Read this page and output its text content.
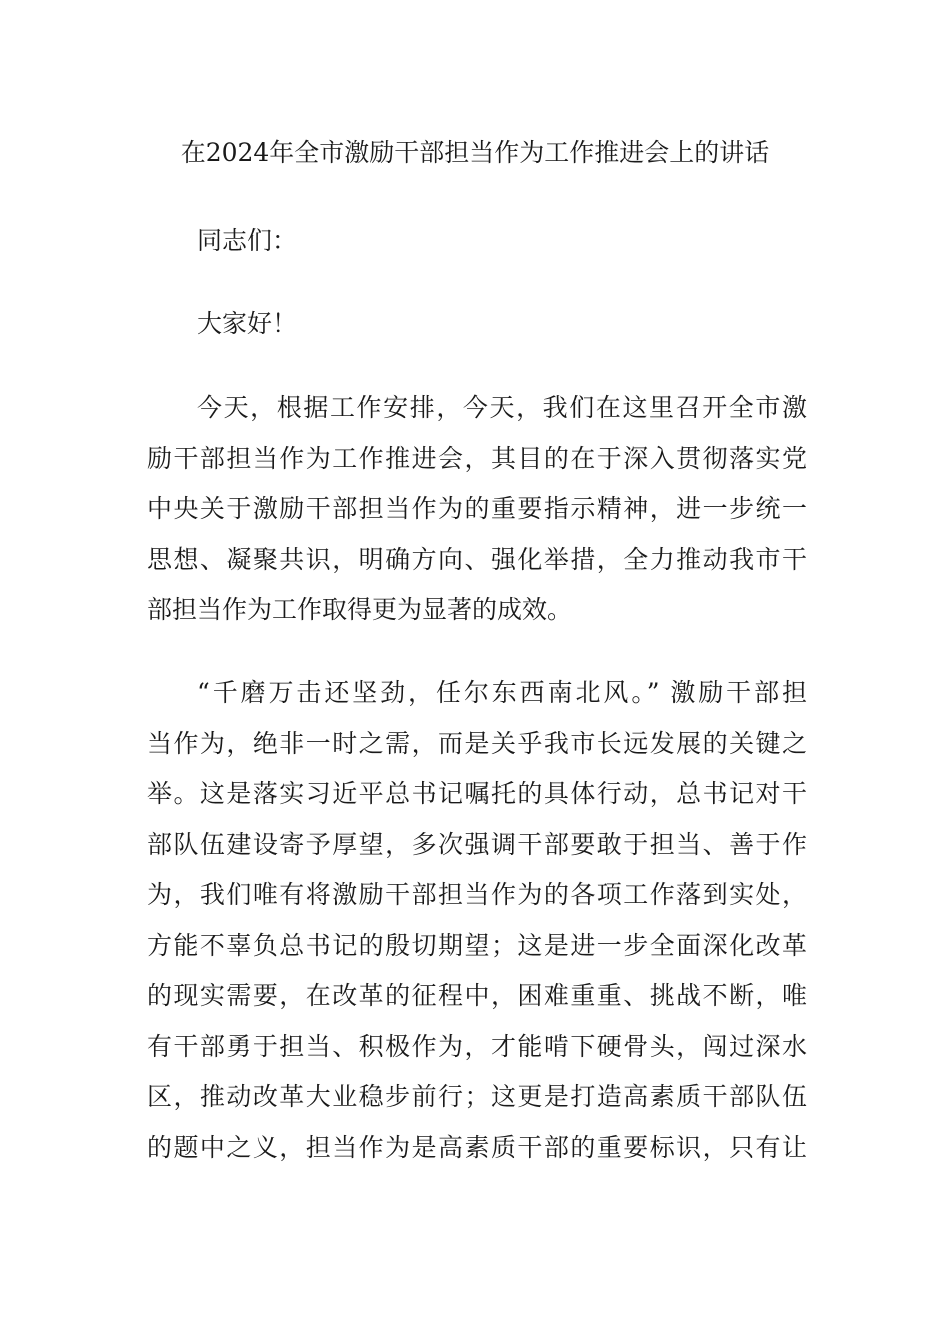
在2024年全市激励干部担当作为工作推进会上的讲话
同志们：
大家好！
今天，根据工作安排，今天，我们在这里召开全市激
励干部担当作为工作推进会，其目的在于深入贯彻落实党
中央关于激励干部担当作为的重要指示精神，进一步统一
思想、凝聚共识，明确方向、强化举措，全力推动我市干
部担当作为工作取得更为显著的成效。
“千磨万击还坚劲，任尔东西南北风。” 激励干部担
当作为，绝非一时之需，而是关乎我市长远发展的关键之
举。这是落实习近平总书记嘱托的具体行动，总书记对干
部队伍建设寄予厚望，多次强调干部要敢于担当、善于作
为，我们唯有将激励干部担当作为的各项工作落到实处，
方能不辜负总书记的殷切期望；这是进一步全面深化改革
的现实需要，在改革的征程中，困难重重、挑战不断，唯
有干部勇于担当、积极作为，才能啃下硬骨头，闯过深水
区，推动改革大业稳步前行；这更是打造高素质干部队伍
的题中之义，担当作为是高素质干部的重要标识，只有让
